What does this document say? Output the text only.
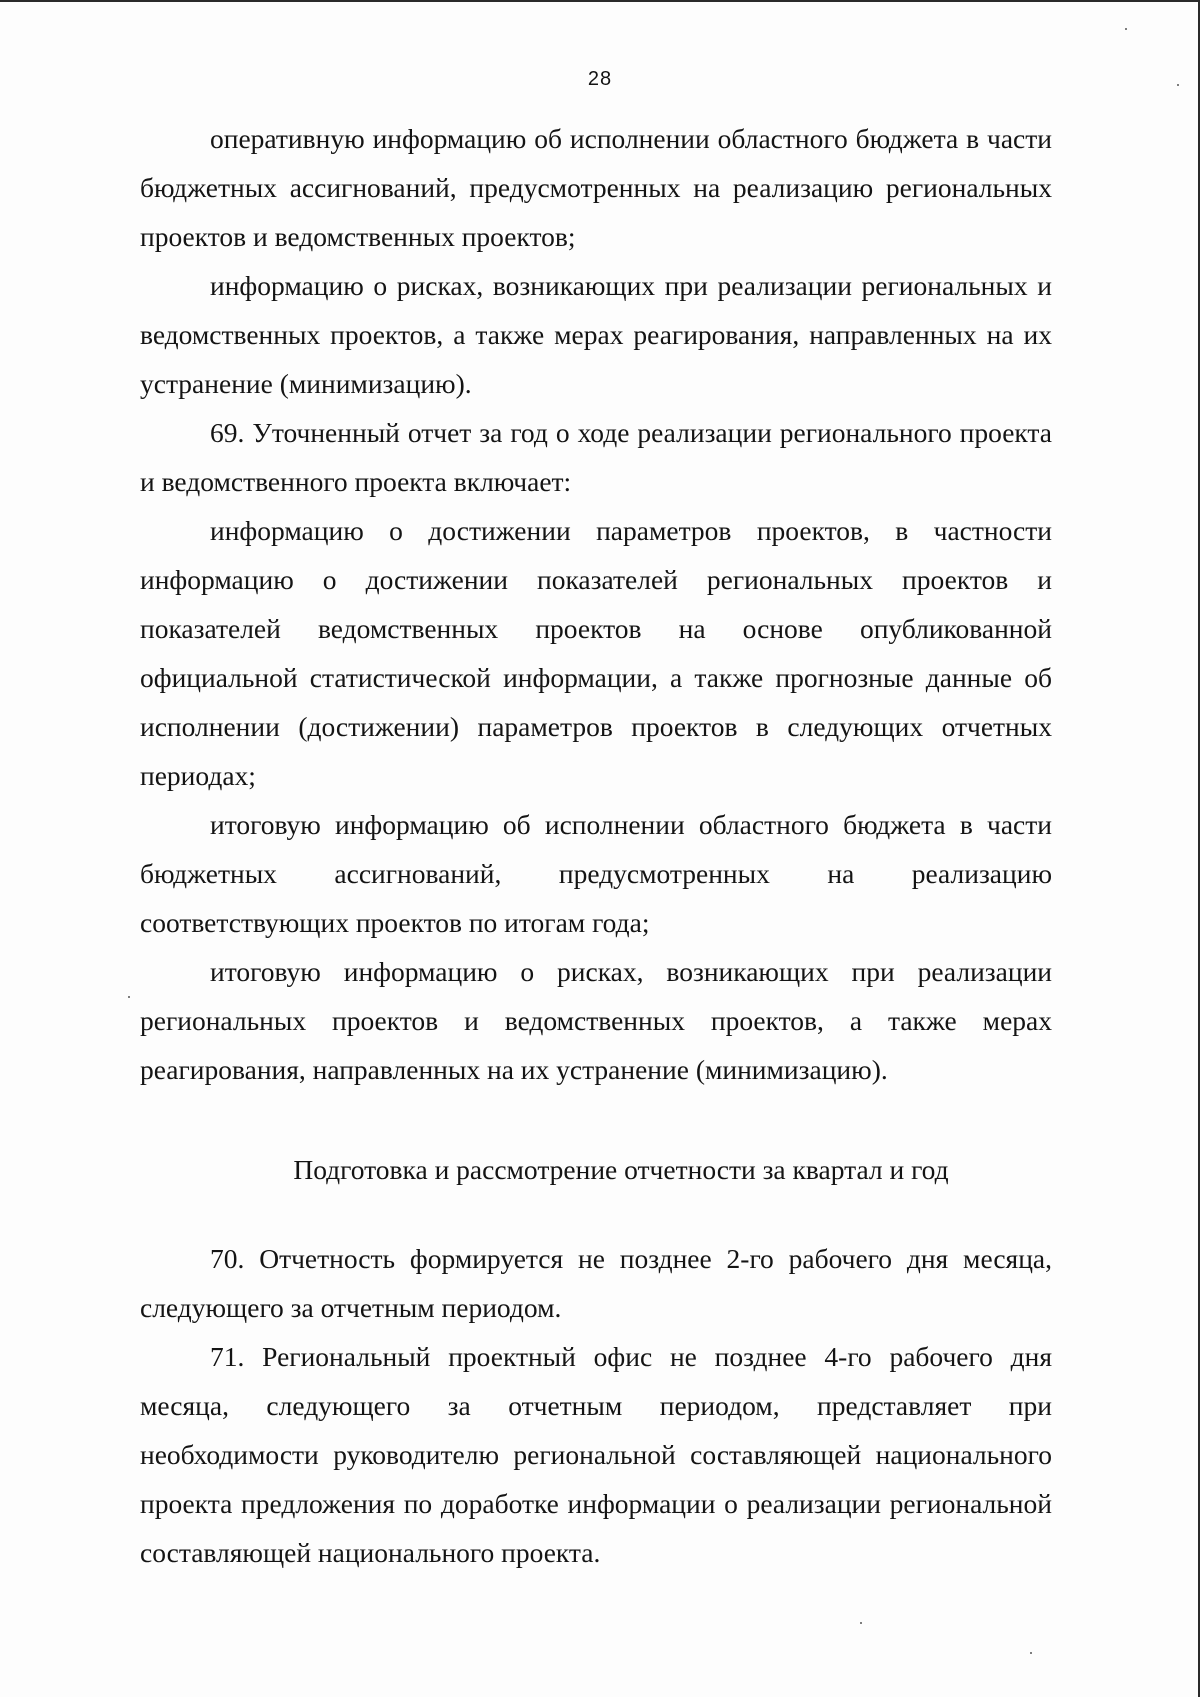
28

оперативную информацию об исполнении областного бюджета в части бюджетных ассигнований, предусмотренных на реализацию региональных проектов и ведомственных проектов;

информацию о рисках, возникающих при реализации региональных и ведомственных проектов, а также мерах реагирования, направленных на их устранение (минимизацию).

69. Уточненный отчет за год о ходе реализации регионального проекта и ведомственного проекта включает:

информацию о достижении параметров проектов, в частности информацию о достижении показателей региональных проектов и показателей ведомственных проектов на основе опубликованной официальной статистической информации, а также прогнозные данные об исполнении (достижении) параметров проектов в следующих отчетных периодах;

итоговую информацию об исполнении областного бюджета в части бюджетных ассигнований, предусмотренных на реализацию соответствующих проектов по итогам года;

итоговую информацию о рисках, возникающих при реализации региональных проектов и ведомственных проектов, а также мерах реагирования, направленных на их устранение (минимизацию).

Подготовка и рассмотрение отчетности за квартал и год

70. Отчетность формируется не позднее 2-го рабочего дня месяца, следующего за отчетным периодом.

71. Региональный проектный офис не позднее 4-го рабочего дня месяца, следующего за отчетным периодом, представляет при необходимости руководителю региональной составляющей национального проекта предложения по доработке информации о реализации региональной составляющей национального проекта.
